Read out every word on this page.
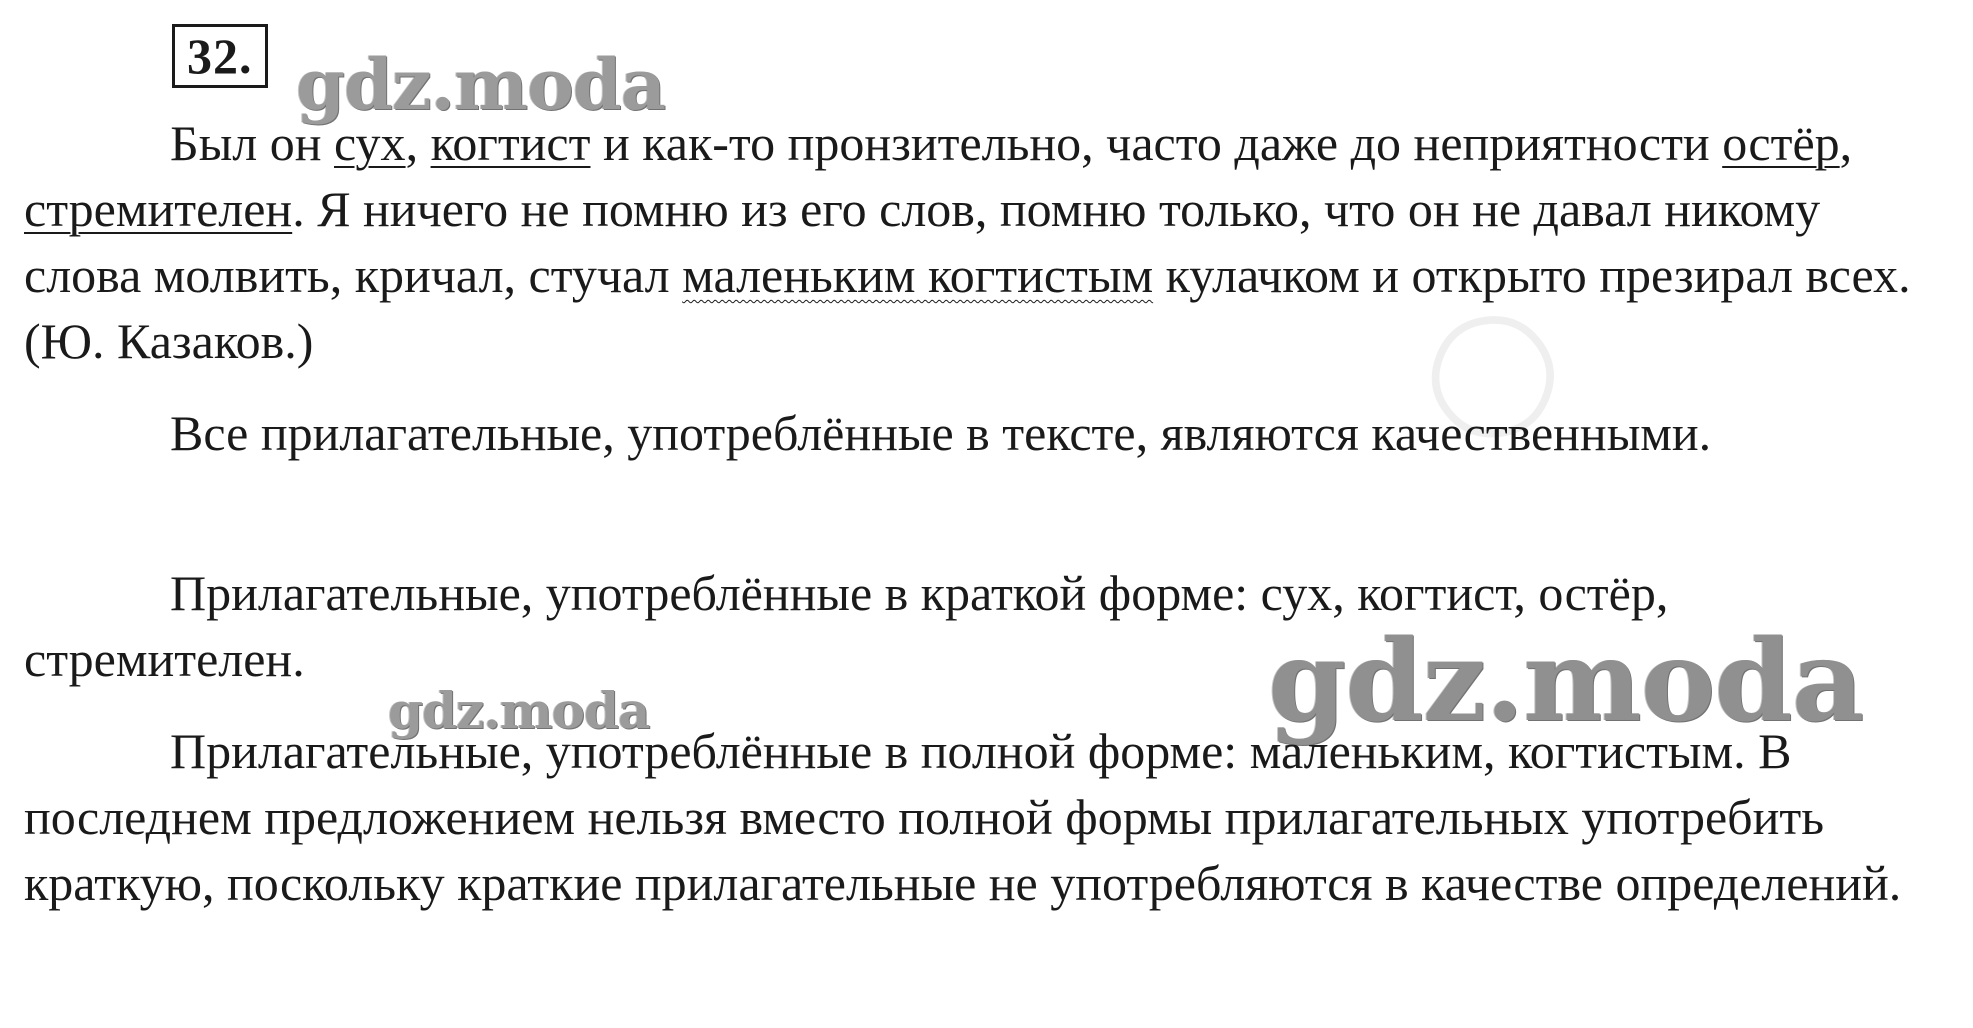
◯
32. gdz.moda

Был он сух, когтист и как-то пронзительно, часто даже до неприятности остёр, стремителен. Я ничего не помню из его слов, помню только, что он не давал никому слова молвить, кричал, стучал маленьким когтистым кулачком и открыто презирал всех. (Ю. Казаков.)

Все прилагательные, употреблённые в тексте, являются качественными.

Прилагательные, употреблённые в краткой форме: сух, когтист, остёр, стремителен.	gdz.moda
gdz.moda

Прилагательные, употреблённые в полной форме: маленьким, когтистым. В последнем предложением нельзя вместо полной формы прилагательных употребить краткую, поскольку краткие прилагательные не употребляются в качестве определений.
